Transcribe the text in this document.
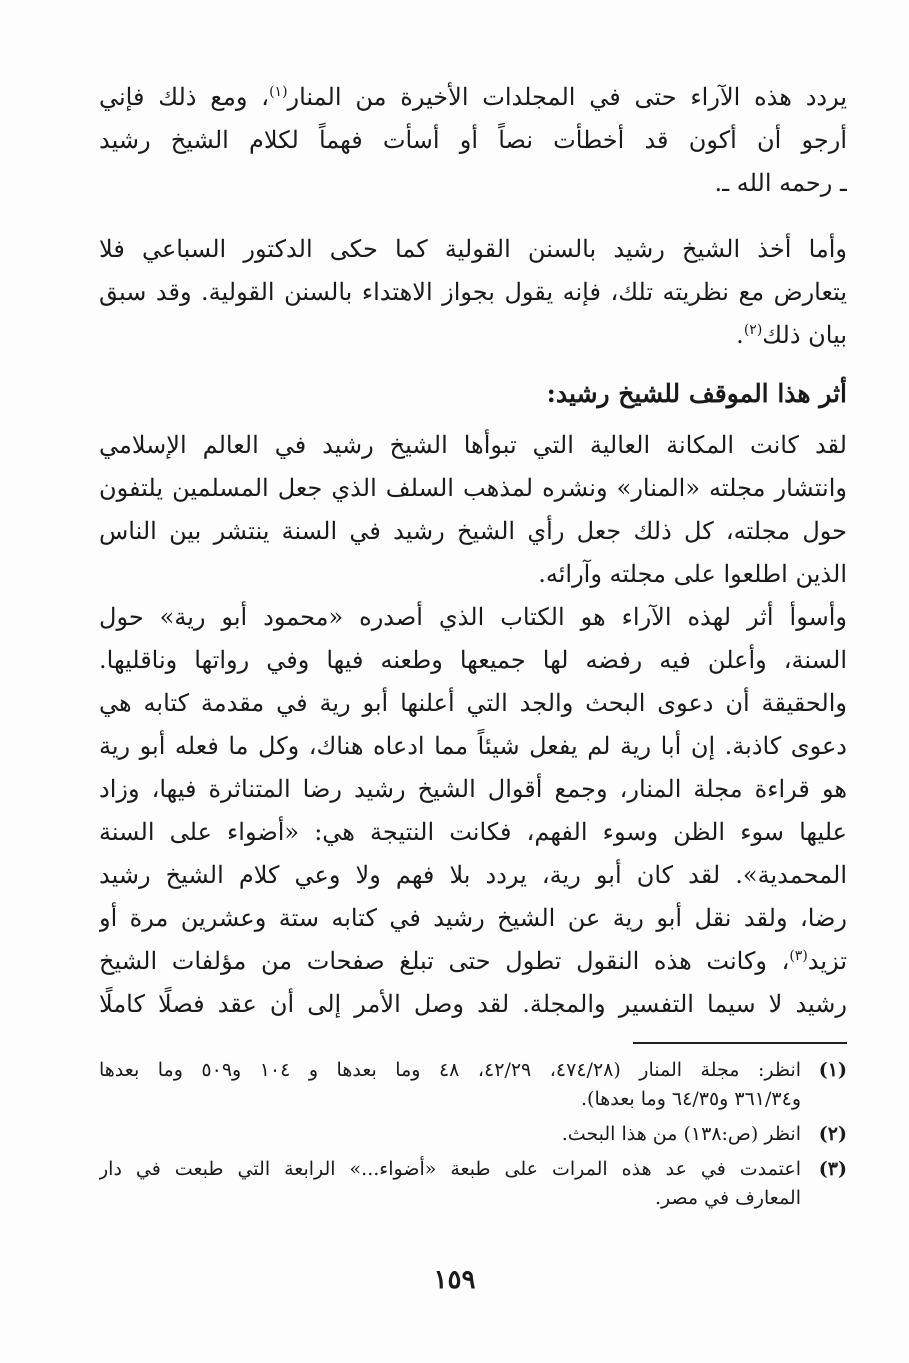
يردد هذه الآراء حتى في المجلدات الأخيرة من المنار$^{(١)}$، ومع ذلك فإني
أرجو أن أكون قد أخطأت نصاً أو أسأت فهماً لكلام الشيخ رشيد
ـ رحمه الله ـ.
وأما أخذ الشيخ رشيد بالسنن القولية كما حكى الدكتور السباعي فلا
يتعارض مع نظريته تلك، فإنه يقول بجواز الاهتداء بالسنن القولية. وقد سبق
بيان ذلك$^{(٢)}$.
أثر هذا الموقف للشيخ رشيد:
لقد كانت المكانة العالية التي تبوأها الشيخ رشيد في العالم الإسلامي
وانتشار مجلته «المنار» ونشره لمذهب السلف الذي جعل المسلمين يلتفون
حول مجلته، كل ذلك جعل رأي الشيخ رشيد في السنة ينتشر بين الناس
الذين اطلعوا على مجلته وآرائه.
وأسوأ أثر لهذه الآراء هو الكتاب الذي أصدره «محمود أبو رية» حول
السنة، وأعلن فيه رفضه لها جميعها وطعنه فيها وفي رواتها وناقليها.
والحقيقة أن دعوى البحث والجد التي أعلنها أبو رية في مقدمة كتابه هي
دعوى كاذبة. إن أبا رية لم يفعل شيئاً مما ادعاه هناك، وكل ما فعله أبو رية
هو قراءة مجلة المنار، وجمع أقوال الشيخ رشيد رضا المتناثرة فيها، وزاد
عليها سوء الظن وسوء الفهم، فكانت النتيجة هي: «أضواء على السنة
المحمدية». لقد كان أبو رية، يردد بلا فهم ولا وعي كلام الشيخ رشيد
رضا، ولقد نقل أبو رية عن الشيخ رشيد في كتابه ستة وعشرين مرة أو
تزيد$^{(٣)}$، وكانت هذه النقول تطول حتى تبلغ صفحات من مؤلفات الشيخ
رشيد لا سيما التفسير والمجلة. لقد وصل الأمر إلى أن عقد فصلًا كاملًا
(١)
انظر: مجلة المنار (٤٧٤/٢٨، ٤٢/٢٩، ٤٨ وما بعدها و ١٠٤ و٥٠٩ وما بعدها
و٣٦١/٣٤ و٦٤/٣٥ وما بعدها).
(٢)
انظر (ص:١٣٨) من هذا البحث.
(٣)
اعتمدت في عد هذه المرات على طبعة «أضواء...» الرابعة التي طبعت في دار
المعارف في مصر.
١٥٩
